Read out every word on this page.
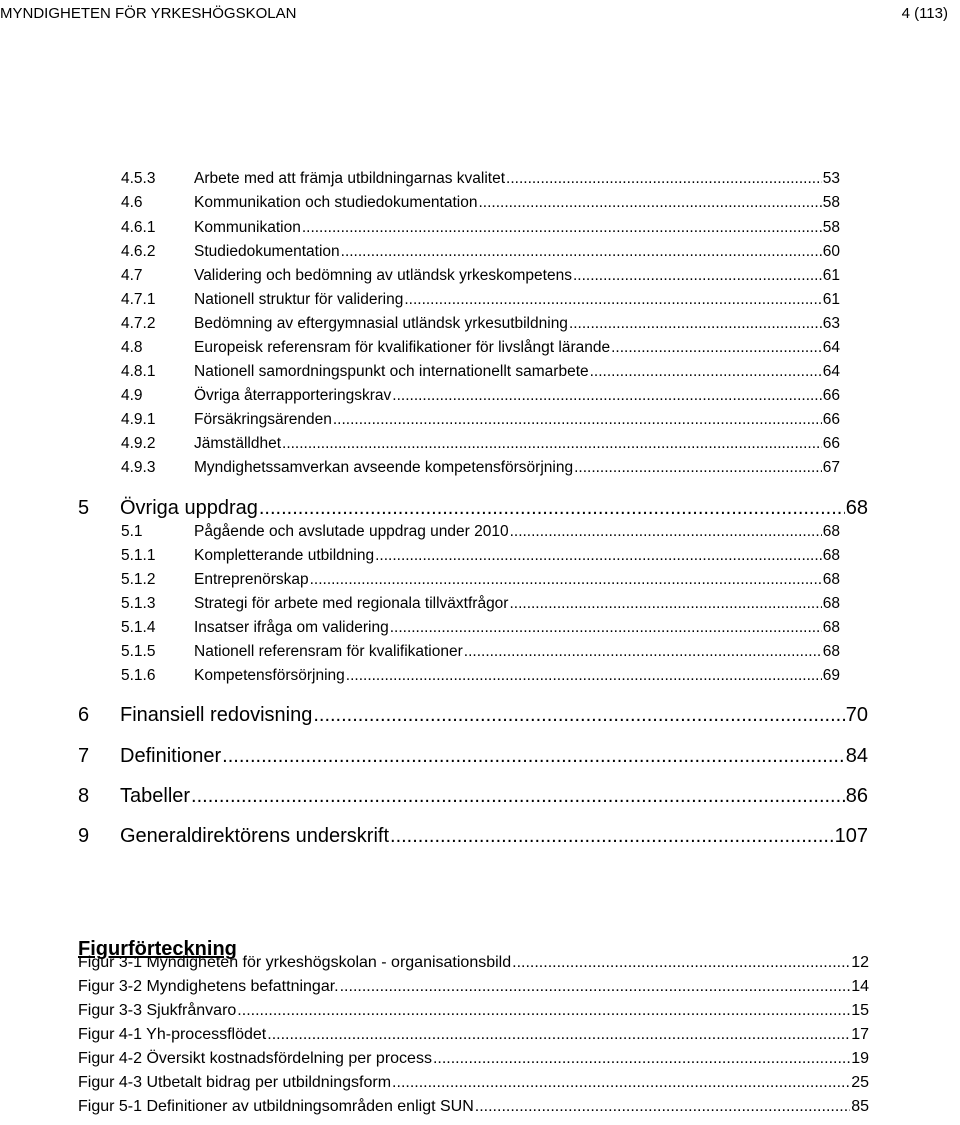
MYNDIGHETEN FÖR YRKESHÖGSKOLAN	4 (113)
4.5.3	Arbete med att främja utbildningarnas kvalitet .....	53
4.6	Kommunikation och studiedokumentation .....	58
4.6.1	Kommunikation .....	58
4.6.2	Studiedokumentation .....	60
4.7	Validering och bedömning av utländsk yrkeskompetens .....	61
4.7.1	Nationell struktur för validering .....	61
4.7.2	Bedömning av eftergymnasial utländsk yrkesutbildning .....	63
4.8	Europeisk referensram för kvalifikationer för livslångt lärande .....	64
4.8.1	Nationell samordningspunkt och internationellt samarbete .....	64
4.9	Övriga återrapporteringskrav .....	66
4.9.1	Försäkringsärenden .....	66
4.9.2	Jämställdhet .....	66
4.9.3	Myndighetssamverkan avseende kompetensförsörjning .....	67
5	Övriga uppdrag .....	68
5.1	Pågående och avslutade uppdrag under 2010 .....	68
5.1.1	Kompletterande utbildning .....	68
5.1.2	Entreprenörskap .....	68
5.1.3	Strategi för arbete med regionala tillväxtfrågor .....	68
5.1.4	Insatser ifråga om validering .....	68
5.1.5	Nationell referensram för kvalifikationer .....	68
5.1.6	Kompetensförsörjning .....	69
6	Finansiell redovisning .....	70
7	Definitioner .....	84
8	Tabeller .....	86
9	Generaldirektörens underskrift .....	107
Figurförteckning
Figur 3-1 Myndigheten för yrkeshögskolan - organisationsbild .....	12
Figur 3-2 Myndighetens befattningar. .....	14
Figur 3-3 Sjukfrånvaro .....	15
Figur 4-1 Yh-processflödet .....	17
Figur 4-2 Översikt kostnadsfördelning per process .....	19
Figur 4-3 Utbetalt bidrag per utbildningsform .....	25
Figur 5-1 Definitioner av utbildningsområden enligt SUN .....	85
